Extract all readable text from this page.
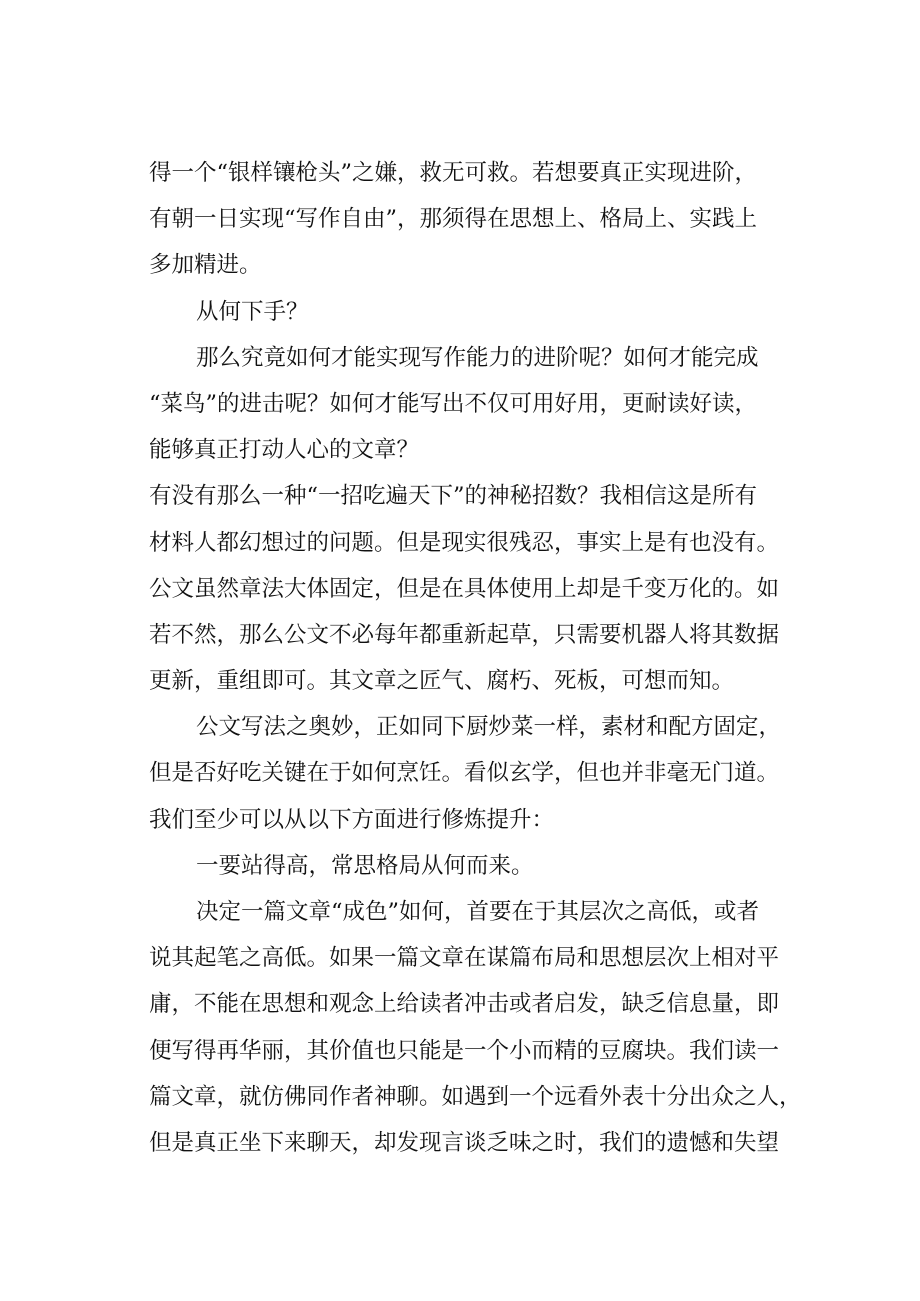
得一个“银样镶枪头”之嫌，救无可救。若想要真正实现进阶，
有朝一日实现“写作自由”，那须得在思想上、格局上、实践上
多加精进。
从何下手？
那么究竟如何才能实现写作能力的进阶呢？如何才能完成
“菜鸟”的进击呢？如何才能写出不仅可用好用，更耐读好读，
能够真正打动人心的文章？
有没有那么一种“一招吃遍天下”的神秘招数？我相信这是所有
材料人都幻想过的问题。但是现实很残忍，事实上是有也没有。
公文虽然章法大体固定，但是在具体使用上却是千变万化的。如
若不然，那么公文不必每年都重新起草，只需要机器人将其数据
更新，重组即可。其文章之匠气、腐朽、死板，可想而知。
公文写法之奥妙，正如同下厨炒菜一样，素材和配方固定，
但是否好吃关键在于如何烹饪。看似玄学，但也并非毫无门道。
我们至少可以从以下方面进行修炼提升：
一要站得高，常思格局从何而来。
决定一篇文章“成色”如何，首要在于其层次之高低，或者
说其起笔之高低。如果一篇文章在谋篇布局和思想层次上相对平
庸，不能在思想和观念上给读者冲击或者启发，缺乏信息量，即
便写得再华丽，其价值也只能是一个小而精的豆腐块。我们读一
篇文章，就仿佛同作者神聊。如遇到一个远看外表十分出众之人，
但是真正坐下来聊天，却发现言谈乏味之时，我们的遗憾和失望
